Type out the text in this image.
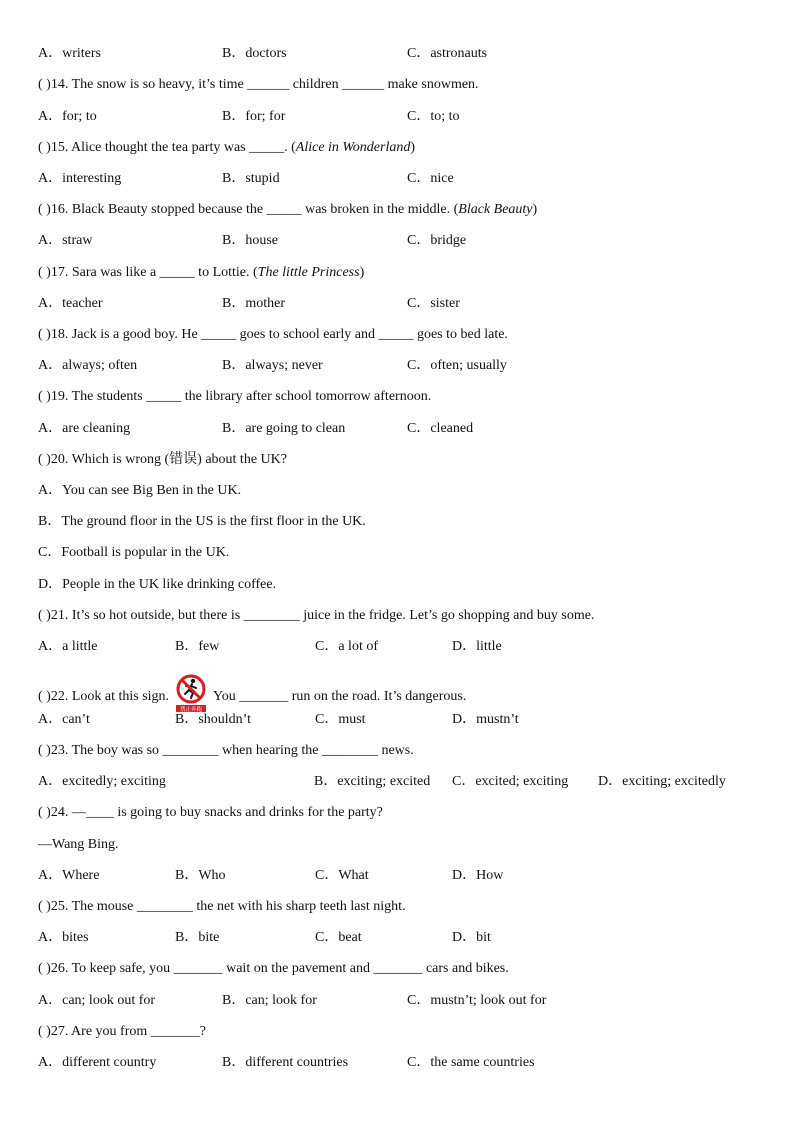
A．writers	B．doctors	C．astronauts
( )14. The snow is so heavy, it’s time ______ children ______ make snowmen.
A．for; to	B．for; for	C．to; to
( )15. Alice thought the tea party was _____. (Alice in Wonderland)
A．interesting	B．stupid	C．nice
( )16. Black Beauty stopped because the _____ was broken in the middle. (Black Beauty)
A．straw	B．house	C．bridge
( )17. Sara was like a _____ to Lottie. (The little Princess)
A．teacher	B．mother	C．sister
( )18. Jack is a good boy. He _____ goes to school early and _____ goes to bed late.
A．always; often	B．always; never	C．often; usually
( )19. The students _____ the library after school tomorrow afternoon.
A．are cleaning	B．are going to clean	C．cleaned
( )20. Which is wrong (错误) about the UK?
A．You can see Big Ben in the UK.
B．The ground floor in the US is the first floor in the UK.
C．Football is popular in the UK.
D．People in the UK like drinking coffee.
( )21. It’s so hot outside, but there is ________ juice in the fridge. Let’s go shopping and buy some.
A．a little	B．few	C．a lot of	D．little
( )22. Look at this sign.
禁止奔跑
You _______ run on the road. It’s dangerous.
A．can’t	B．shouldn’t	C．must	D．mustn’t
( )23. The boy was so ________ when hearing the ________ news.
A．excitedly; exciting	B．exciting; excited C．excited; exciting D．exciting; excitedly
( )24. —____ is going to buy snacks and drinks for the party?
—Wang Bing.
A．Where	B．Who	C．What	D．How
( )25. The mouse ________ the net with his sharp teeth last night.
A．bites	B．bite	C．beat	D．bit
( )26. To keep safe, you _______ wait on the pavement and _______ cars and bikes.
A．can; look out for	B．can; look for	C．mustn’t; look out for
( )27. Are you from _______?
A．different country	B．different countries	C．the same countries
